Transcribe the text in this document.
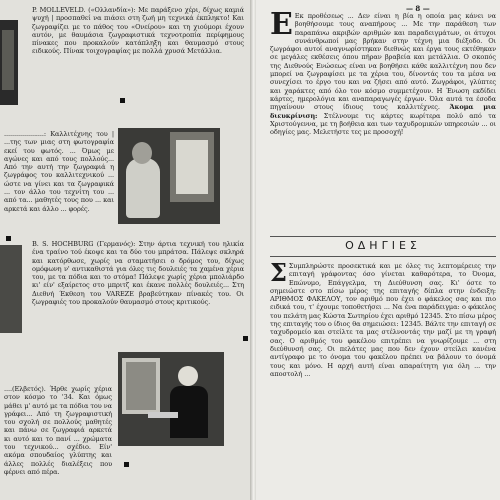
P. MOLLEVELD. («Ολλανδία»): Με παράξενο χέρι, δίχως καμιά ψυχή | προσπαθεί να πιάσει στη ζωή μη τεχνικά έκπληκτο! Και ζωγραφίζει με το πάθος του «Ονείρου» και τη χιούμορι έχουν αυτόν, με θαυμάσια ζωγραφιστικά τεχνοτροπία περίφημους πίνακες που προκαλούν κατάπληξη και θαυμασμό στους ειδικούς. Πίνακ τοιχογραφίας με πολλά χρυσά Μετάλλια.

....................: Καλλιτέχνης του | ...της των μιας στη φωτογραφία εκεί του φωτός. ... Όμως με αγώνες και από τους πολλούς... Από την αυτή την ζωγραφιά η ζωγράφος του καλλιτεχνικού ... ώστε να γίνει και τα ζωγραφικά ... τον άλλο του τεχνίτη του ... από τα... μαθητές τους που ... και αρκετά και άλλο ... φορές.

B. S. HOCHBURG (Γερμανός): Στην άρτια τεχνική του ηλικία ένα τραίνο τού έκοψε και τα δύο του μπράτσα. Πάλεψε σκληρά και κατόρθωσε, χωρίς να σταματήσει ο δρόμος του, δίχως ομόφωνη ν' αντικαθιστά για όλες τις δουλειές τα χαμένα χέρια του, με τα πόδια και το στόμα! Πάλεψε χωρίς χέρια μπολιάρδο κι' είν' εξαίρετος στο μπριτζ και έκανε πολλές δουλειές... Στη Διεθνή Έκθεση του VAREZE βραβεύτηκαν πίνακές του. Οι ζωγραφιές του προκαλούν θαυμασμό στους κριτικούς.

....(Ελβετός). Ήρθε χωρίς χέρια στον κόσμο το '34. Και όμως μάθει μ' αυτό με τα πόδια του να γράφει... Από τη ζωγραφιστική του σχολή σε πολλούς μαθητές και πάνω σε ζωγραφιά αρκετά κι αυτό και το πανί ... χρώματα του τεχνικού... σχέδιο. Είν' ακόμα σπουδαίος γλύπτης και άλλες πολλές διαλέξεις που φέρνει από πέρα.

— 8 —

Ε Εκ προθέσεως ... Δεν είναι η βία η οποία μας κάνει να βοηθήσουμε τους αναπήρους ... Με την παράθεση των παραπάνω ακριβών αριθμών και παραδειγμάτων, οι άτυχοι συνάνθρωποί μας βρήκαν στην τέχνη μια διέξοδο. Οι ζωγράφοι αυτοί αναγνωρίστηκαν διεθνώς και έργα τους εκτέθηκαν σε μεγάλες εκθέσεις όπου πήραν βραβεία και μετάλλια. Ο σκοπός της Διεθνούς Ενώσεως είναι να βοηθήσει κάθε καλλιτέχνη που δεν μπορεί να ζωγραφίσει με τα χέρια του, δίνοντάς του τα μέσα να συνεχίσει το έργο του και να ζήσει από αυτό. Ζωγράφοι, γλύπτες και χαράκτες από όλο τον κόσμο συμμετέχουν. Η Ένωση εκδίδει κάρτες, ημερολόγια και αναπαραγωγές έργων. Όλα αυτά τα έσοδα πηγαίνουν στους ίδιους τους καλλιτέχνες. Άκομα μια διευκρίνιση: Στέλνουμε τις κάρτες κωρίτερα πολύ από τα Χριστούγεννα, με τη βοήθεια και των ταχυδρομικών υπηρεσιών ... οι οδηγίες μας. Μελετήστε τες με προσοχή!

ΟΔΗΓΙΕΣ

Σ Συμπληρώστε προσεκτικά και με όλες τις λεπτομέρειες την επιταγή γράφοντας όσο γίνεται καθαρότερα, το Όνομα, Επώνυμο, Επάγγελμα, τη Διεύθυνση σας. Κι' όστε το σημειώστε στο πίσω μέρος της επιταγής δίπλα στην ένδειξη: ΑΡΙΘΜΟΣ ΦΑΚΕΛΟΥ, τον αριθμό που έχει ο φάκελος σας και πιο ειδικά του, τ' έχουμε τοποθετήσει ... Να ένα παράδειγμα: ο φάκελος του πελάτη μας Κώστα Σωτηρίου έχει αριθμό 12345. Στο πίσω μέρος της επιταγής του ο ίδιος θα σημειώσει: 12345. Βάλτε την επιταγή σε ταχυδρομείο και στείλτε τα μας στέλνοντάς την μαζί με τη γραφή σας. Ο αριθμός του φακέλου επιτρέπει να γνωρίζουμε ... στη διεύθυνσή σας. Οι πελάτες μας που δεν έχουν στείλει κανένα αντίγραφο με το όνομα του φακέλου πρέπει να βάλουν το όνομά τους και μόνο. Η αρχή αυτή είναι απαραίτητη για όλη ... την αποστολή ...
